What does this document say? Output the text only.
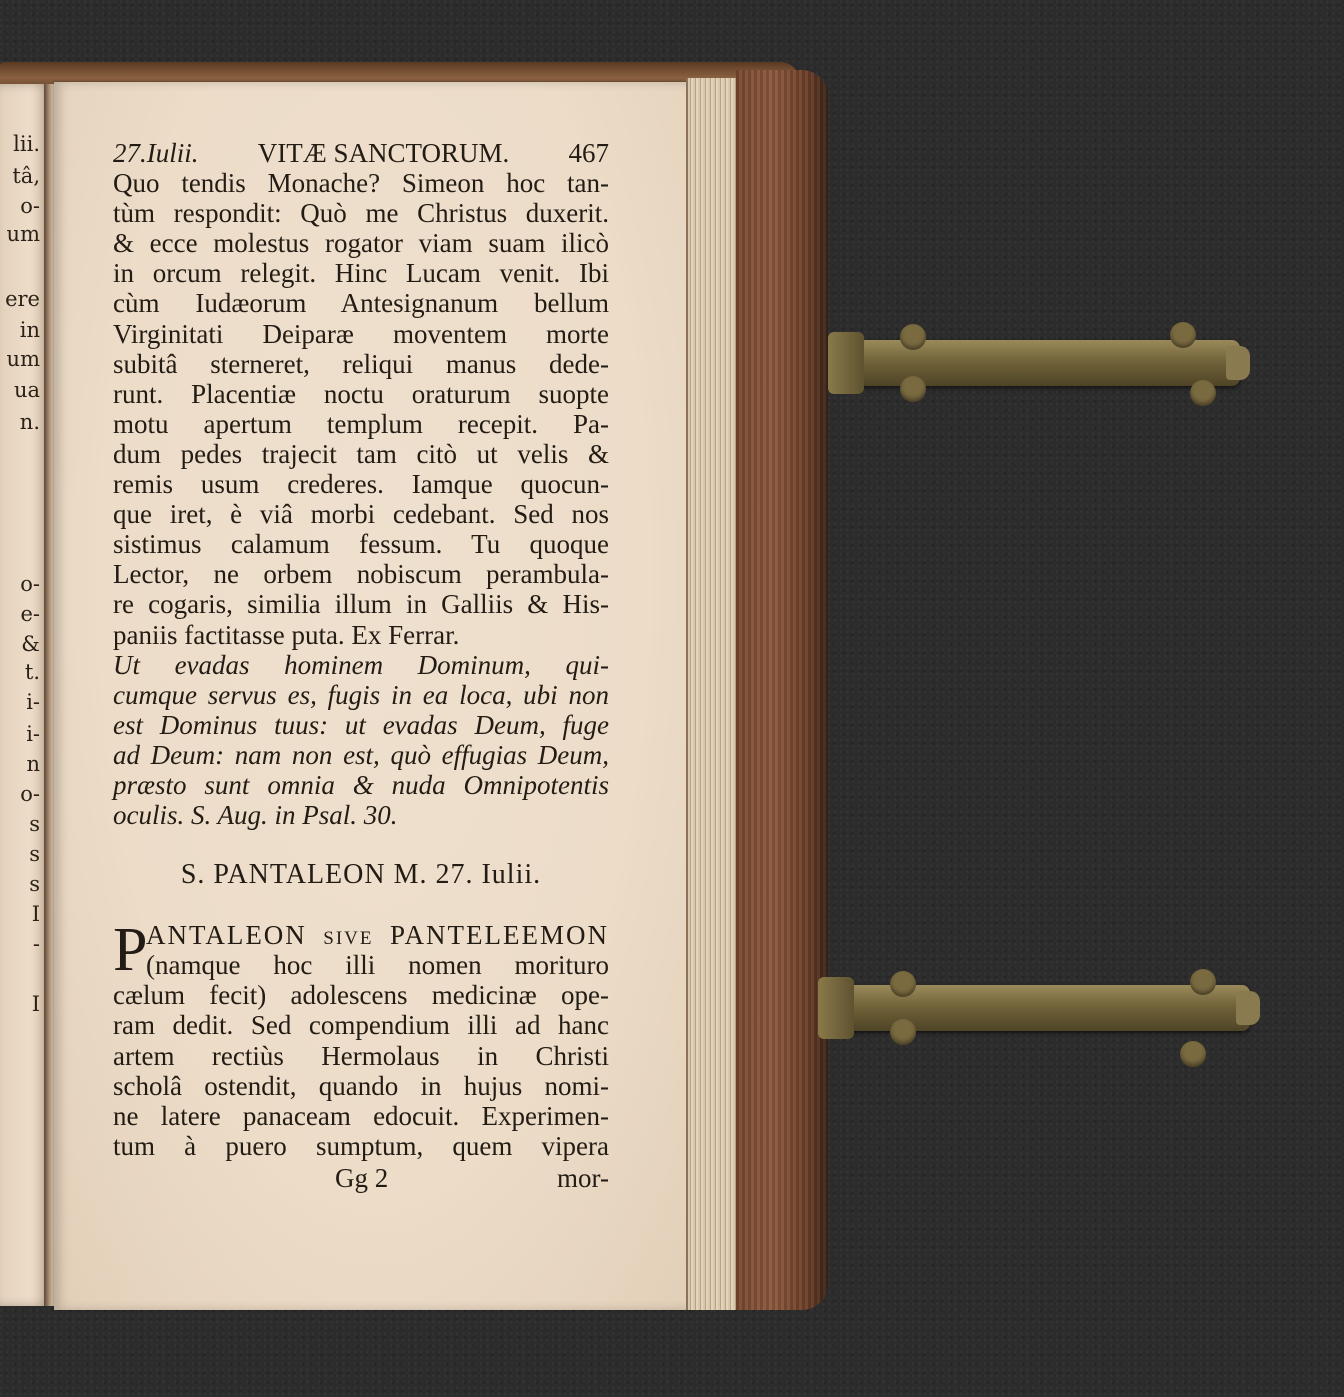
lii.
tâ,
o-
um
ere
in
um
ua
n.
o-
e-
&
t.
i-
i-
n
o-
s
s
s
I
-
I
27.Iulii. VITÆ SANCTORUM. 467
Quo tendis Monache? Simeon hoc tan-
tùm respondit: Quò me Christus duxerit.
& ecce molestus rogator viam suam ilicò
in orcum relegit. Hinc Lucam venit. Ibi
cùm Iudæorum Antesignanum bellum
Virginitati Deiparæ moventem morte
subitâ sterneret, reliqui manus dede-
runt. Placentiæ noctu oraturum suopte
motu apertum templum recepit. Pa-
dum pedes trajecit tam citò ut velis &
remis usum crederes. Iamque quocun-
que iret, è viâ morbi cedebant. Sed nos
sistimus calamum fessum. Tu quoque
Lector, ne orbem nobiscum perambula-
re cogaris, similia illum in Galliis & His-
paniis factitasse puta. Ex Ferrar.
Ut evadas hominem Dominum, qui-
cumque servus es, fugis in ea loca, ubi non
est Dominus tuus: ut evadas Deum, fuge
ad Deum: nam non est, quò effugias Deum,
præsto sunt omnia & nuda Omnipotentis
oculis. S. Aug. in Psal. 30.
S. PANTALEON M. 27. Iulii.
P
ANTALEON sive PANTELEEMON
(namque hoc illi nomen morituro
cælum fecit) adolescens medicinæ ope-
ram dedit. Sed compendium illi ad hanc
artem rectiùs Hermolaus in Christi
scholâ ostendit, quando in hujus nomi-
ne latere panaceam edocuit. Experimen-
tum à puero sumptum, quem vipera
Gg 2	mor-
